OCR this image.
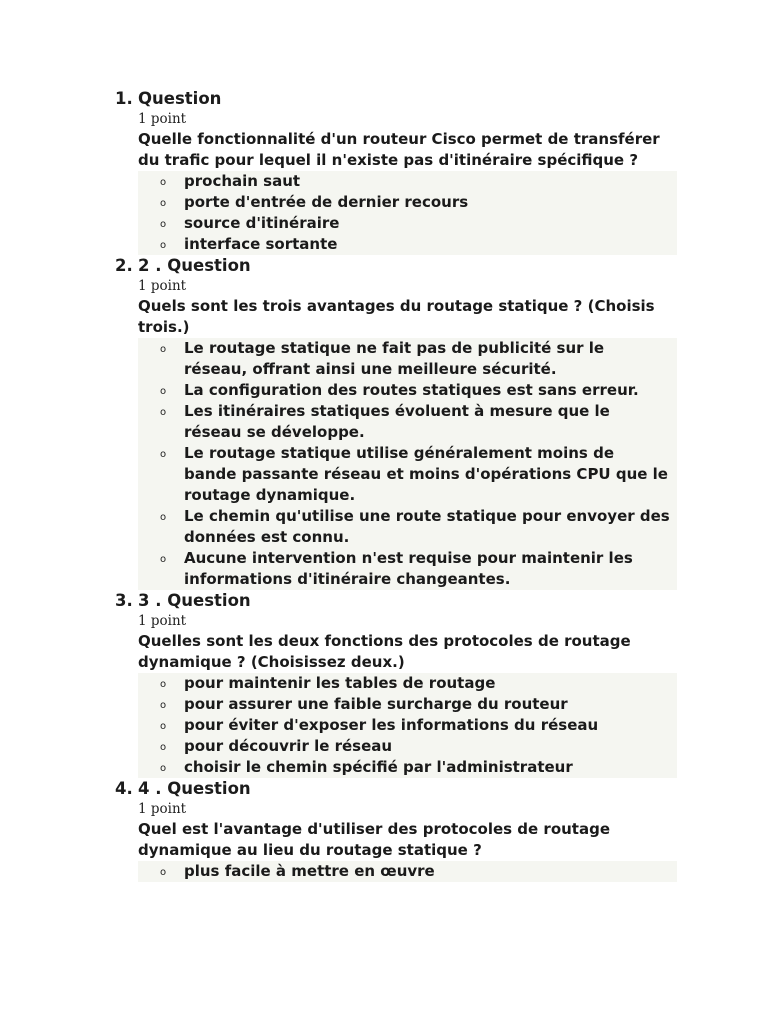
1. Question
1 point
Quelle fonctionnalité d'un routeur Cisco permet de transférer du trafic pour lequel il n'existe pas d'itinéraire spécifique ?
o prochain saut
o porte d'entrée de dernier recours
o source d'itinéraire
o interface sortante
2. 2 . Question
1 point
Quels sont les trois avantages du routage statique ? (Choisis trois.)
o Le routage statique ne fait pas de publicité sur le réseau, offrant ainsi une meilleure sécurité.
o La configuration des routes statiques est sans erreur.
o Les itinéraires statiques évoluent à mesure que le réseau se développe.
o Le routage statique utilise généralement moins de bande passante réseau et moins d'opérations CPU que le routage dynamique.
o Le chemin qu'utilise une route statique pour envoyer des données est connu.
o Aucune intervention n'est requise pour maintenir les informations d'itinéraire changeantes.
3. 3 . Question
1 point
Quelles sont les deux fonctions des protocoles de routage dynamique ? (Choisissez deux.)
o pour maintenir les tables de routage
o pour assurer une faible surcharge du routeur
o pour éviter d'exposer les informations du réseau
o pour découvrir le réseau
o choisir le chemin spécifié par l'administrateur
4. 4 . Question
1 point
Quel est l'avantage d'utiliser des protocoles de routage dynamique au lieu du routage statique ?
o plus facile à mettre en œuvre
